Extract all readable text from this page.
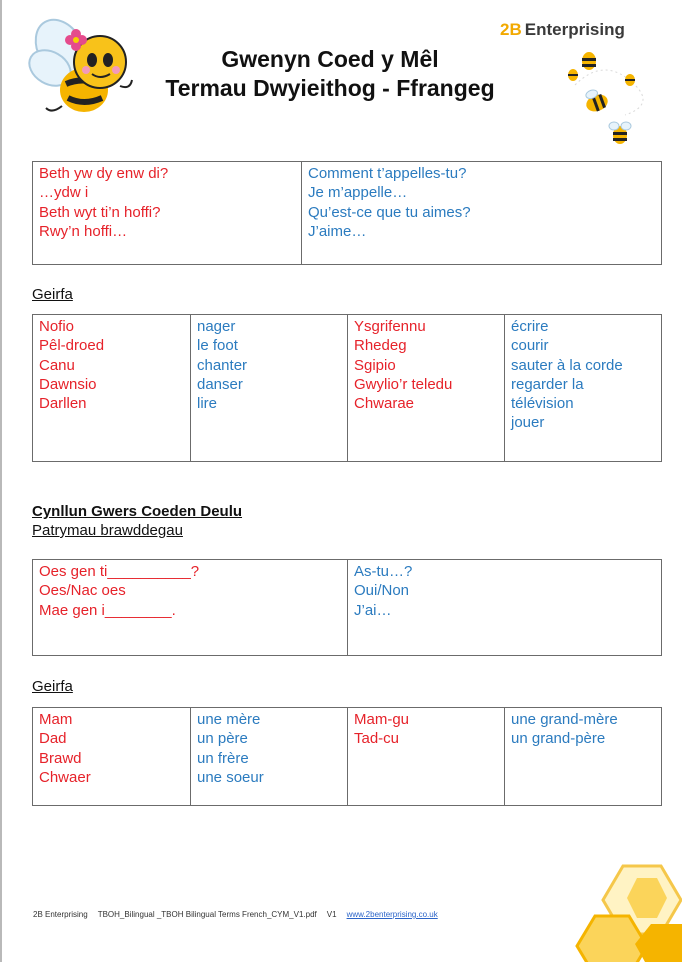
2B Enterprising
Gwenyn Coed y Mêl
Termau Dwyieithog - Ffrangeg
Beth yw dy enw di?
…ydw i
Beth wyt ti’n hoffi?
Rwy’n hoffi…
Comment t’appelles-tu?
Je m’appelle…
Qu’est-ce que tu aimes?
J’aime…
Geirfa
Nofio
Pêl-droed
Canu
Dawnsio
Darllen
nager
le foot
chanter
danser
lire
Ysgrifennu
Rhedeg
Sgipio
Gwylio’r teledu
Chwarae
écrire
courir
sauter à la corde
regarder la
télévision
jouer
Cynllun Gwers Coeden Deulu
Patrymau brawddegau
Oes gen ti__________?
Oes/Nac oes
Mae gen i________.
As-tu…?
Oui/Non
J’ai…
Geirfa
Mam
Dad
Brawd
Chwaer
une mère
un père
un frère
une soeur
Mam-gu
Tad-cu
une grand-mère
un grand-père
2B Enterprising TBOH_Bilingual _TBOH Bilingual Terms French_CYM_V1.pdf V1 www.2benterprising.co.uk
